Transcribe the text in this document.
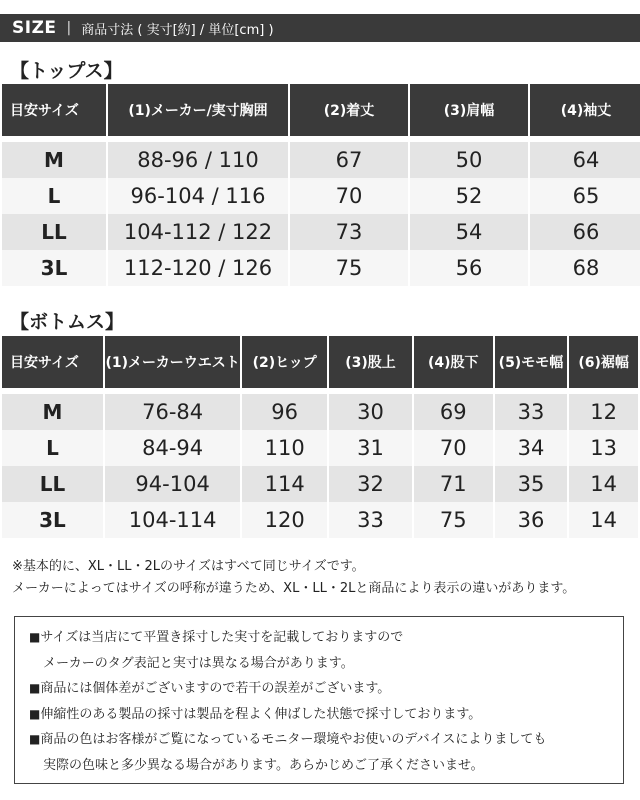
SIZE | 商品寸法 ( 実寸[約] / 単位[cm] )
【トップス】
目安サイズ	(1)メーカー/実寸胸囲	(2)着丈	(3)肩幅	(4)袖丈
M	88-96 / 110	67	50	64
L	96-104 / 116	70	52	65
LL	104-112 / 122	73	54	66
3L	112-120 / 126	75	56	68
【ボトムス】
目安サイズ	(1)メーカーウエスト	(2)ヒップ	(3)股上	(4)股下	(5)モモ幅	(6)裾幅
M	76-84	96	30	69	33	12
L	84-94	110	31	70	34	13
LL	94-104	114	32	71	35	14
3L	104-114	120	33	75	36	14
※基本的に、XL・LL・2Lのサイズはすべて同じサイズです。
メーカーによってはサイズの呼称が違うため、XL・LL・2Lと商品により表示の違いがあります。
■サイズは当店にて平置き採寸した実寸を記載しておりますので
メーカーのタグ表記と実寸は異なる場合があります。
■商品には個体差がございますので若干の誤差がございます。
■伸縮性のある製品の採寸は製品を程よく伸ばした状態で採寸しております。
■商品の色はお客様がご覧になっているモニター環境やお使いのデバイスによりましても
実際の色味と多少異なる場合があります。あらかじめご了承くださいませ。
